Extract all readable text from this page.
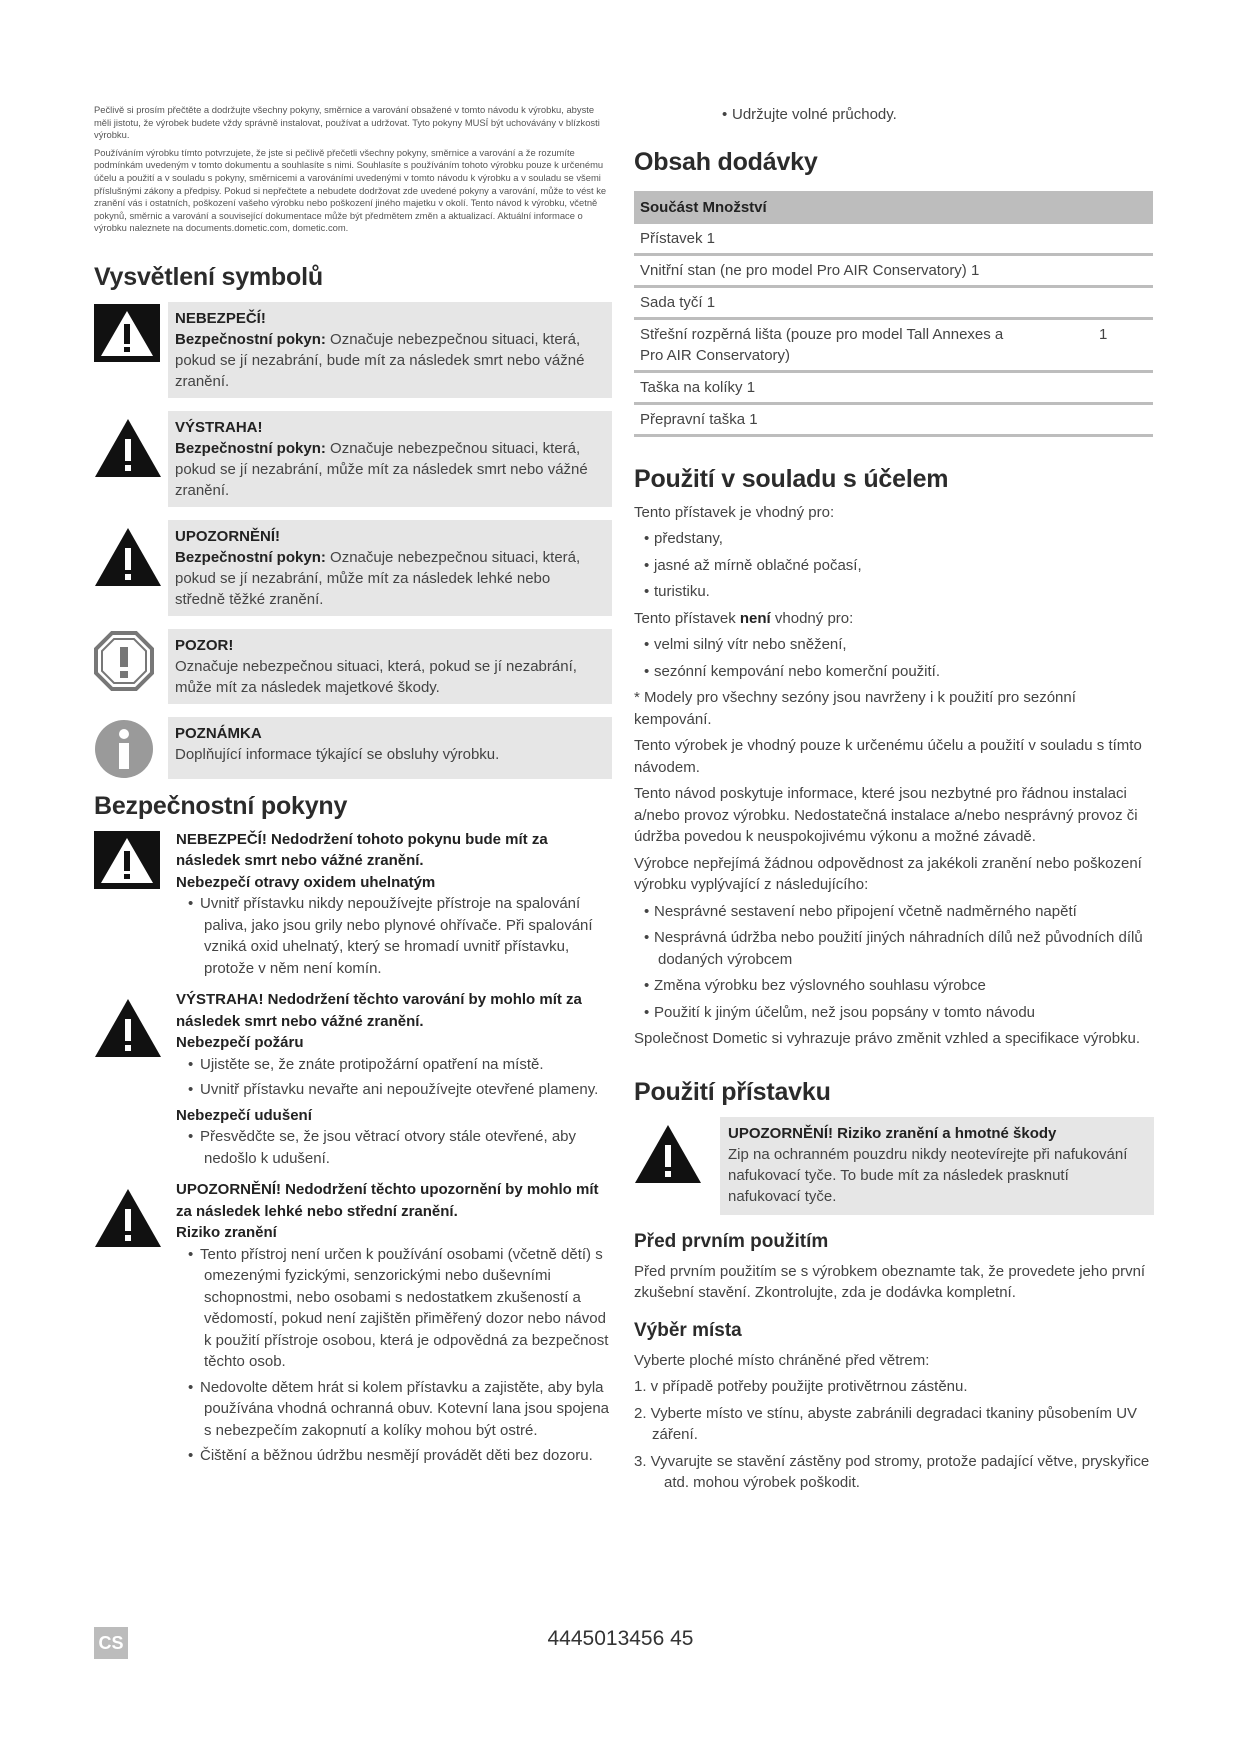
Pečlivě si prosím přečtěte a dodržujte všechny pokyny, směrnice a varování obsažené v tomto návodu k výrobku, abyste měli jistotu, že výrobek budete vždy správně instalovat, používat a udržovat. Tyto pokyny MUSÍ být uchovávány v blízkosti výrobku.

Používáním výrobku tímto potvrzujete, že jste si pečlivě přečetli všechny pokyny, směrnice a varování a že rozumíte podmínkám uvedeným v tomto dokumentu a souhlasíte s nimi. Souhlasíte s používáním tohoto výrobku pouze k určenému účelu a použití a v souladu s pokyny, směrnicemi a varováními uvedenými v tomto návodu k výrobku a v souladu se všemi příslušnými zákony a předpisy. Pokud si nepřečtete a nebudete dodržovat zde uvedené pokyny a varování, může to vést ke zranění vás i ostatních, poškození vašeho výrobku nebo poškození jiného majetku v okolí. Tento návod k výrobku, včetně pokynů, směrnic a varování a související dokumentace může být předmětem změn a aktualizací. Aktuální informace o výrobku naleznete na documents.dometic.com, dometic.com.

Vysvětlení symbolů
NEBEZPEČÍ!
Bezpečnostní pokyn: Označuje nebezpečnou situaci, která, pokud se jí nezabrání, bude mít za následek smrt nebo vážné zranění.
VÝSTRAHA!
Bezpečnostní pokyn: Označuje nebezpečnou situaci, která, pokud se jí nezabrání, může mít za následek smrt nebo vážné zranění.
UPOZORNĚNÍ!
Bezpečnostní pokyn: Označuje nebezpečnou situaci, která, pokud se jí nezabrání, může mít za následek lehké nebo středně těžké zranění.
POZOR!
Označuje nebezpečnou situaci, která, pokud se jí nezabrání, může mít za následek majetkové škody.
POZNÁMKA
Doplňující informace týkající se obsluhy výrobku.
Bezpečnostní pokyny
NEBEZPEČÍ! Nedodržení tohoto pokynu bude mít za následek smrt nebo vážné zranění.
Nebezpečí otravy oxidem uhelnatým
• Uvnitř přístavku nikdy nepoužívejte přístroje na spalování paliva, jako jsou grily nebo plynové ohřívače. Při spalování vzniká oxid uhelnatý, který se hromadí uvnitř přístavku, protože v něm není komín.
VÝSTRAHA! Nedodržení těchto varování by mohlo mít za následek smrt nebo vážné zranění.
Nebezpečí požáru
• Ujistěte se, že znáte protipožární opatření na místě.
• Uvnitř přístavku nevařte ani nepoužívejte otevřené plameny.
Nebezpečí udušení
• Přesvědčte se, že jsou větrací otvory stále otevřené, aby nedošlo k udušení.
UPOZORNĚNÍ! Nedodržení těchto upozornění by mohlo mít za následek lehké nebo střední zranění.
Riziko zranění
• Tento přístroj není určen k používání osobami (včetně dětí) s omezenými fyzickými, senzorickými nebo duševními schopnostmi, nebo osobami s nedostatkem zkušeností a vědomostí, pokud není zajištěn přiměřený dozor nebo návod k použití přístroje osobou, která je odpovědná za bezpečnost těchto osob.
• Nedovolte dětem hrát si kolem přístavku a zajistěte, aby byla používána vhodná ochranná obuv. Kotevní lana jsou spojena s nebezpečím zakopnutí a kolíky mohou být ostré.
• Čištění a běžnou údržbu nesmějí provádět děti bez dozoru.
• Udržujte volné průchody.
Obsah dodávky
Součást Množství	
Přístavek 1	
Vnitřní stan (ne pro model Pro AIR Conservatory) 1	
Sada tyčí 1	
Střešní rozpěrná lišta (pouze pro model Tall Annexes a Pro AIR Conservatory)	1
Taška na kolíky 1	
Přepravní taška 1	
Použití v souladu s účelem
Tento přístavek je vhodný pro:
• předstany,
• jasné až mírně oblačné počasí,
• turistiku.
Tento přístavek není vhodný pro:
• velmi silný vítr nebo sněžení,
• sezónní kempování nebo komerční použití.
* Modely pro všechny sezóny jsou navrženy i k použití pro sezónní kempování.
Tento výrobek je vhodný pouze k určenému účelu a použití v souladu s tímto návodem.
Tento návod poskytuje informace, které jsou nezbytné pro řádnou instalaci a/nebo provoz výrobku. Nedostatečná instalace a/nebo nesprávný provoz či údržba povedou k neuspokojivému výkonu a možné závadě.
Výrobce nepřejímá žádnou odpovědnost za jakékoli zranění nebo poškození výrobku vyplývající z následujícího:
• Nesprávné sestavení nebo připojení včetně nadměrného napětí
• Nesprávná údržba nebo použití jiných náhradních dílů než původních dílů dodaných výrobcem
• Změna výrobku bez výslovného souhlasu výrobce
• Použití k jiným účelům, než jsou popsány v tomto návodu
Společnost Dometic si vyhrazuje právo změnit vzhled a specifikace výrobku.
Použití přístavku
UPOZORNĚNÍ! Riziko zranění a hmotné škody
Zip na ochranném pouzdru nikdy neotevírejte při nafukování nafukovací tyče. To bude mít za následek prasknutí nafukovací tyče.
Před prvním použitím
Před prvním použitím se s výrobkem obeznamte tak, že provedete jeho první zkušební stavění. Zkontrolujte, zda je dodávka kompletní.
Výběr místa
Vyberte ploché místo chráněné před větrem:
1. v případě potřeby použijte protivětrnou zástěnu.
2. Vyberte místo ve stínu, abyste zabránili degradaci tkaniny působením UV záření.
3. Vyvarujte se stavění zástěny pod stromy, protože padající větve, pryskyřice atd. mohou výrobek poškodit.
CS	4445013456 45
